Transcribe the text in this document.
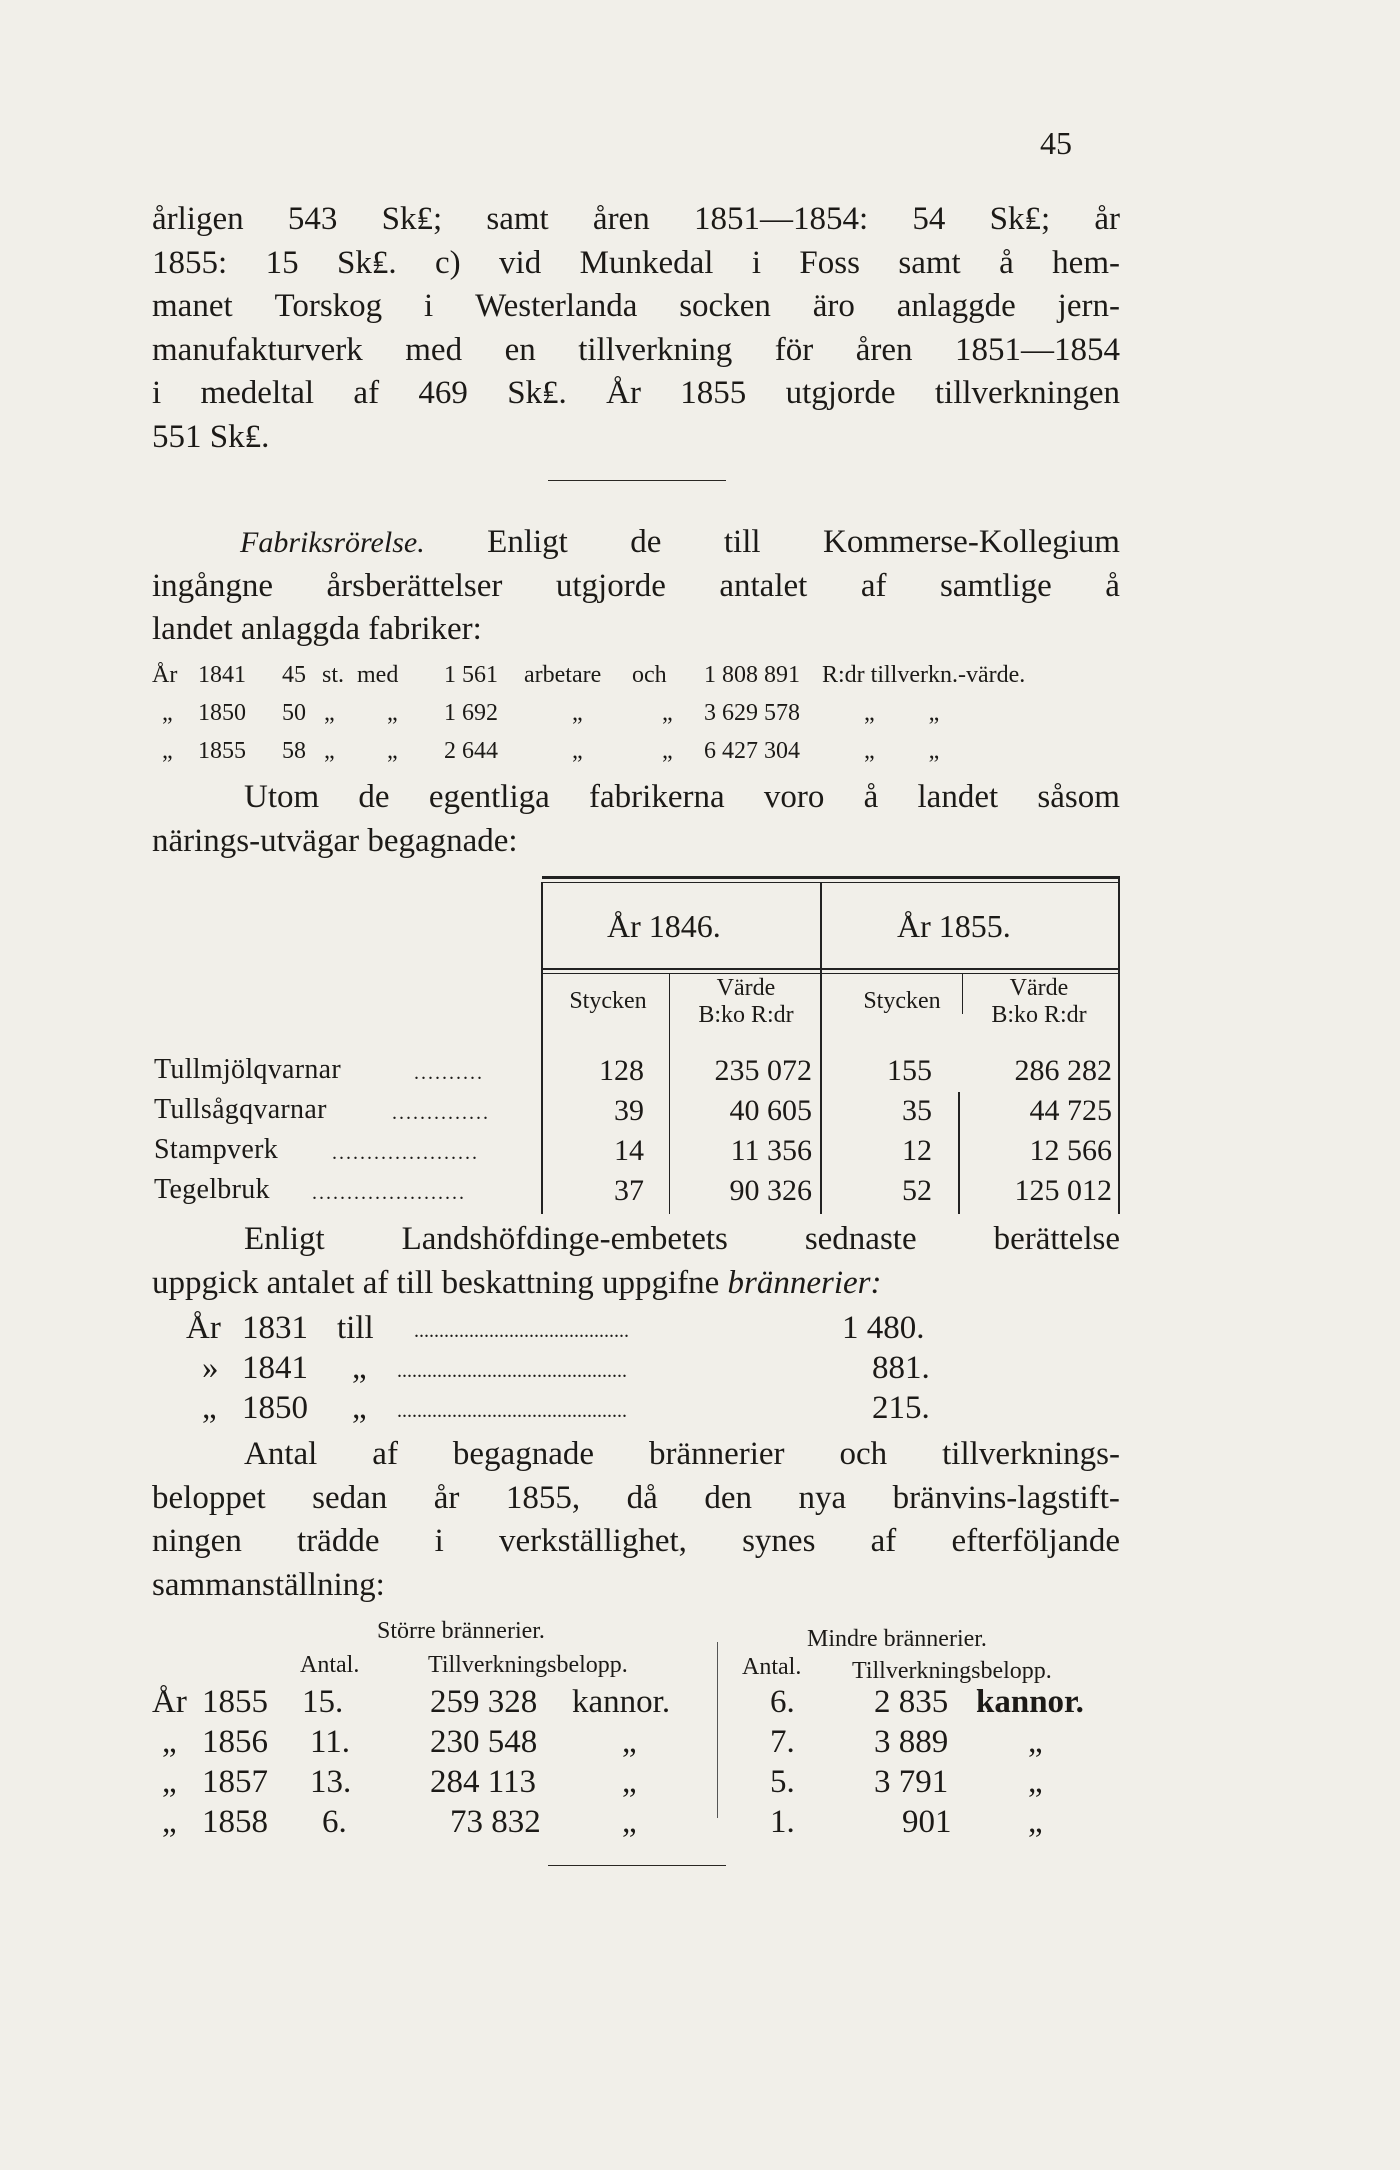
45
årligen 543 Sk₤; samt åren 1851—1854: 54 Sk₤; år
1855: 15 Sk₤. c) vid Munkedal i Foss samt å hem-
manet Torskog i Westerlanda socken äro anlaggde jern-
manufakturverk med en tillverkning för åren 1851—1854
i medeltal af 469 Sk₤. År 1855 utgjorde tillverkningen
551 Sk₤.
Fabriksrörelse. Enligt de till Kommerse-Kollegium
ingångne årsberättelser utgjorde antalet af samtlige å
landet anlaggda fabriker:
År 1841 45 st. med 1 561 arbetare och 1 808 891 R:dr tillverkn.-värde.
„ 1850 50 „ „ 1 692	„	„ 3 629 578	„         „
„ 1855 58 „ „ 2 644	„	„ 6 427 304	„         „
Utom de egentliga fabrikerna voro å landet såsom
närings-utvägar begagnade:
År 1846.	År 1855.
Stycken	Värde
B:ko R:dr
Stycken	Värde
B:ko R:dr
Tullmjölqvarnar	..........	128	235 072	155	286 282
Tullsågqvarnar	..............	39	40 605	35	44 725
Stampverk	.....................	14	11 356	12	12 566
Tegelbruk ......................	37	90 326	52	125 012
Enligt Landshöfdinge-embetets sednaste berättelse
uppgick antalet af till beskattning uppgifne brännerier:
År 1831 till ...........................................	1 480.
» 1841 „ ..............................................	881.
„ 1850 „ ..............................................	215.
Antal af begagnade brännerier och tillverknings-
beloppet sedan år 1855, då den nya bränvins-lagstift-
ningen trädde i verkställighet, synes af efterföljande
sammanställning:
Större brännerier.	Mindre brännerier.
Antal.	Tillverkningsbelopp.	Antal. Tillverkningsbelopp.
År 1855 15.	259 328 kannor.	6. 2 835 kannor.
„ 1856 11. 230 548	„	7. 3 889 „
„ 1857 13. 284 113	„	5. 3 791 „
„ 1858 6.	73 832 „	1.	901 „
